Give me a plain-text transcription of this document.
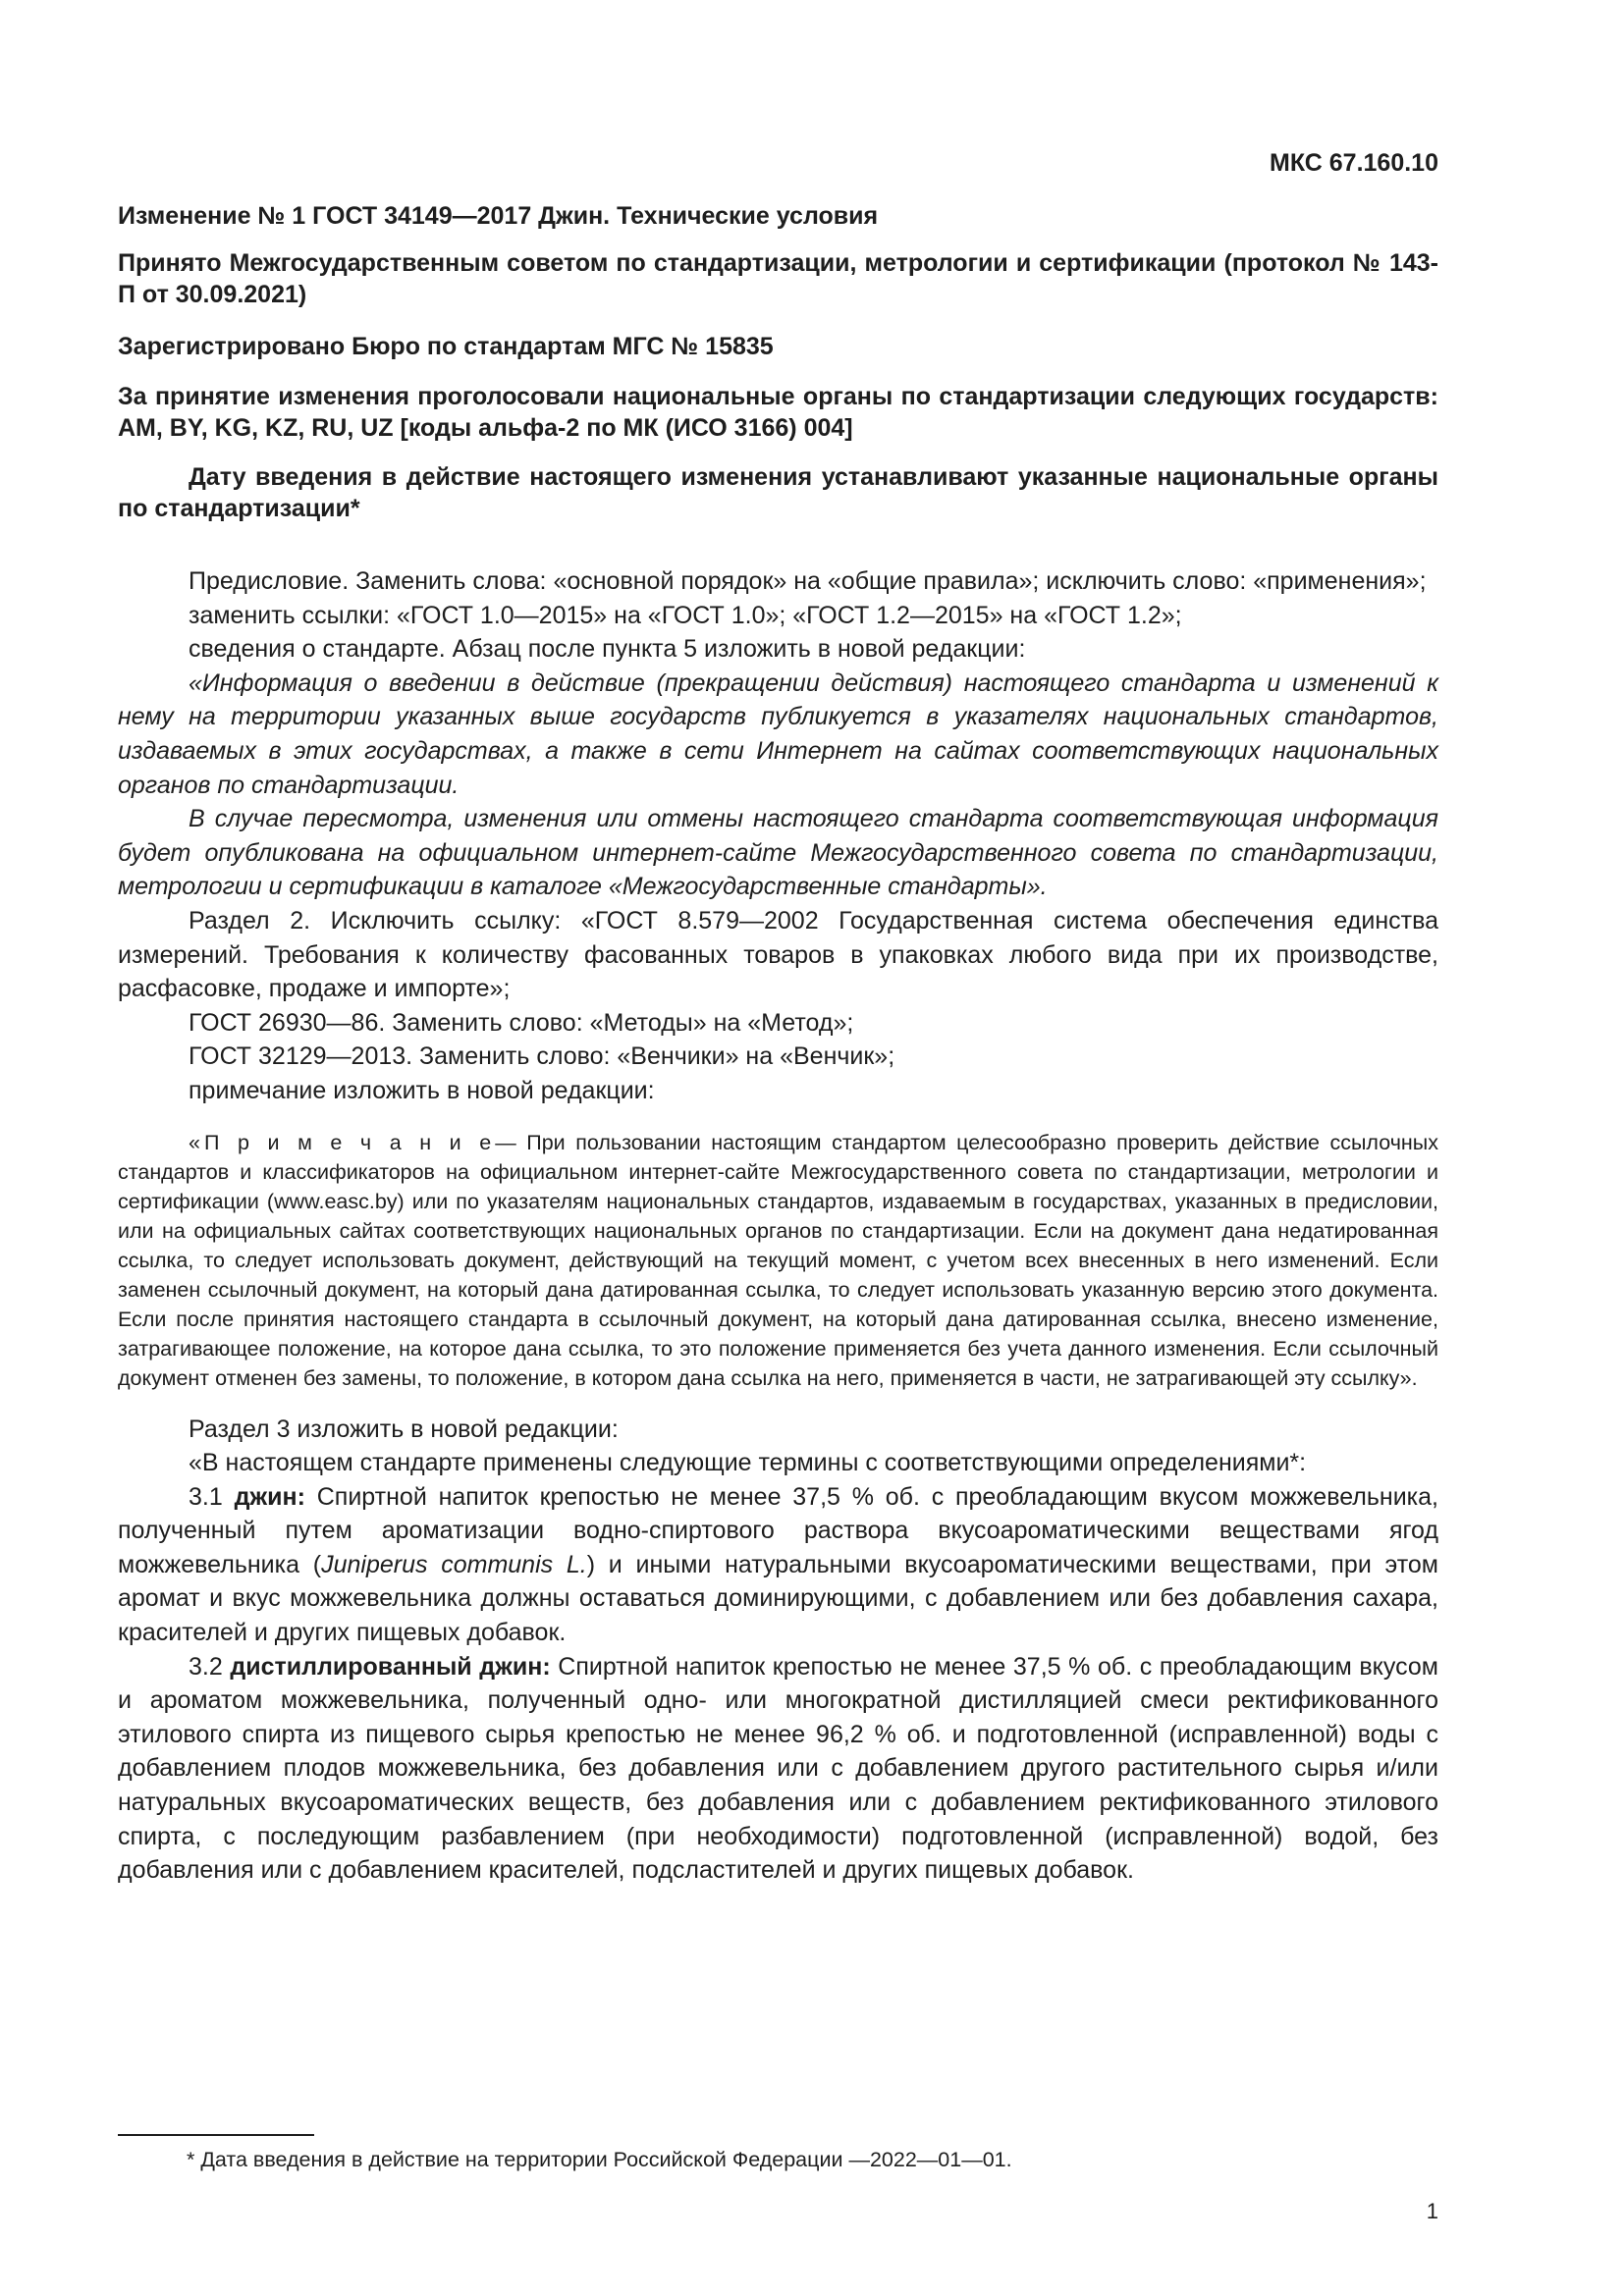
МКС 67.160.10

Изменение № 1 ГОСТ 34149—2017 Джин. Технические условия

Принято Межгосударственным советом по стандартизации, метрологии и сертификации (протокол № 143-П от 30.09.2021)

Зарегистрировано Бюро по стандартам МГС № 15835

За принятие изменения проголосовали национальные органы по стандартизации следующих государств: AM, BY, KG, KZ, RU, UZ [коды альфа-2 по МК (ИСО 3166) 004]

Дату введения в действие настоящего изменения устанавливают указанные национальные органы по стандартизации*

Предисловие. Заменить слова: «основной порядок» на «общие правила»; исключить слово: «применения»;

заменить ссылки: «ГОСТ 1.0—2015» на «ГОСТ 1.0»; «ГОСТ 1.2—2015» на «ГОСТ 1.2»;

сведения о стандарте. Абзац после пункта 5 изложить в новой редакции:

«Информация о введении в действие (прекращении действия) настоящего стандарта и изменений к нему на территории указанных выше государств публикуется в указателях национальных стандартов, издаваемых в этих государствах, а также в сети Интернет на сайтах соответствующих национальных органов по стандартизации.

В случае пересмотра, изменения или отмены настоящего стандарта соответствующая информация будет опубликована на официальном интернет-сайте Межгосударственного совета по стандартизации, метрологии и сертификации в каталоге «Межгосударственные стандарты».

Раздел 2. Исключить ссылку: «ГОСТ 8.579—2002 Государственная система обеспечения единства измерений. Требования к количеству фасованных товаров в упаковках любого вида при их производстве, расфасовке, продаже и импорте»;

ГОСТ 26930—86. Заменить слово: «Методы» на «Метод»;

ГОСТ 32129—2013. Заменить слово: «Венчики» на «Венчик»;

примечание изложить в новой редакции:

«П р и м е ч а н и е— При пользовании настоящим стандартом целесообразно проверить действие ссылочных стандартов и классификаторов на официальном интернет-сайте Межгосударственного совета по стандартизации, метрологии и сертификации (www.easc.by) или по указателям национальных стандартов, издаваемым в государствах, указанных в предисловии, или на официальных сайтах соответствующих национальных органов по стандартизации. Если на документ дана недатированная ссылка, то следует использовать документ, действующий на текущий момент, с учетом всех внесенных в него изменений. Если заменен ссылочный документ, на который дана датированная ссылка, то следует использовать указанную версию этого документа. Если после принятия настоящего стандарта в ссылочный документ, на который дана датированная ссылка, внесено изменение, затрагивающее положение, на которое дана ссылка, то это положение применяется без учета данного изменения. Если ссылочный документ отменен без замены, то положение, в котором дана ссылка на него, применяется в части, не затрагивающей эту ссылку».

Раздел 3 изложить в новой редакции:

«В настоящем стандарте применены следующие термины с соответствующими определениями*:

3.1 джин: Спиртной напиток крепостью не менее 37,5 % об. с преобладающим вкусом можжевельника, полученный путем ароматизации водно-спиртового раствора вкусоароматическими веществами ягод можжевельника (Juniperus communis L.) и иными натуральными вкусоароматическими веществами, при этом аромат и вкус можжевельника должны оставаться доминирующими, с добавлением или без добавления сахара, красителей и других пищевых добавок.

3.2 дистиллированный джин: Спиртной напиток крепостью не менее 37,5 % об. с преобладающим вкусом и ароматом можжевельника, полученный одно- или многократной дистилляцией смеси ректификованного этилового спирта из пищевого сырья крепостью не менее 96,2 % об. и подготовленной (исправленной) воды с добавлением плодов можжевельника, без добавления или с добавлением другого растительного сырья и/или натуральных вкусоароматических веществ, без добавления или с добавлением ректификованного этилового спирта, с последующим разбавлением (при необходимости) подготовленной (исправленной) водой, без добавления или с добавлением красителей, подсластителей и других пищевых добавок.

* Дата введения в действие на территории Российской Федерации —2022—01—01.
1
